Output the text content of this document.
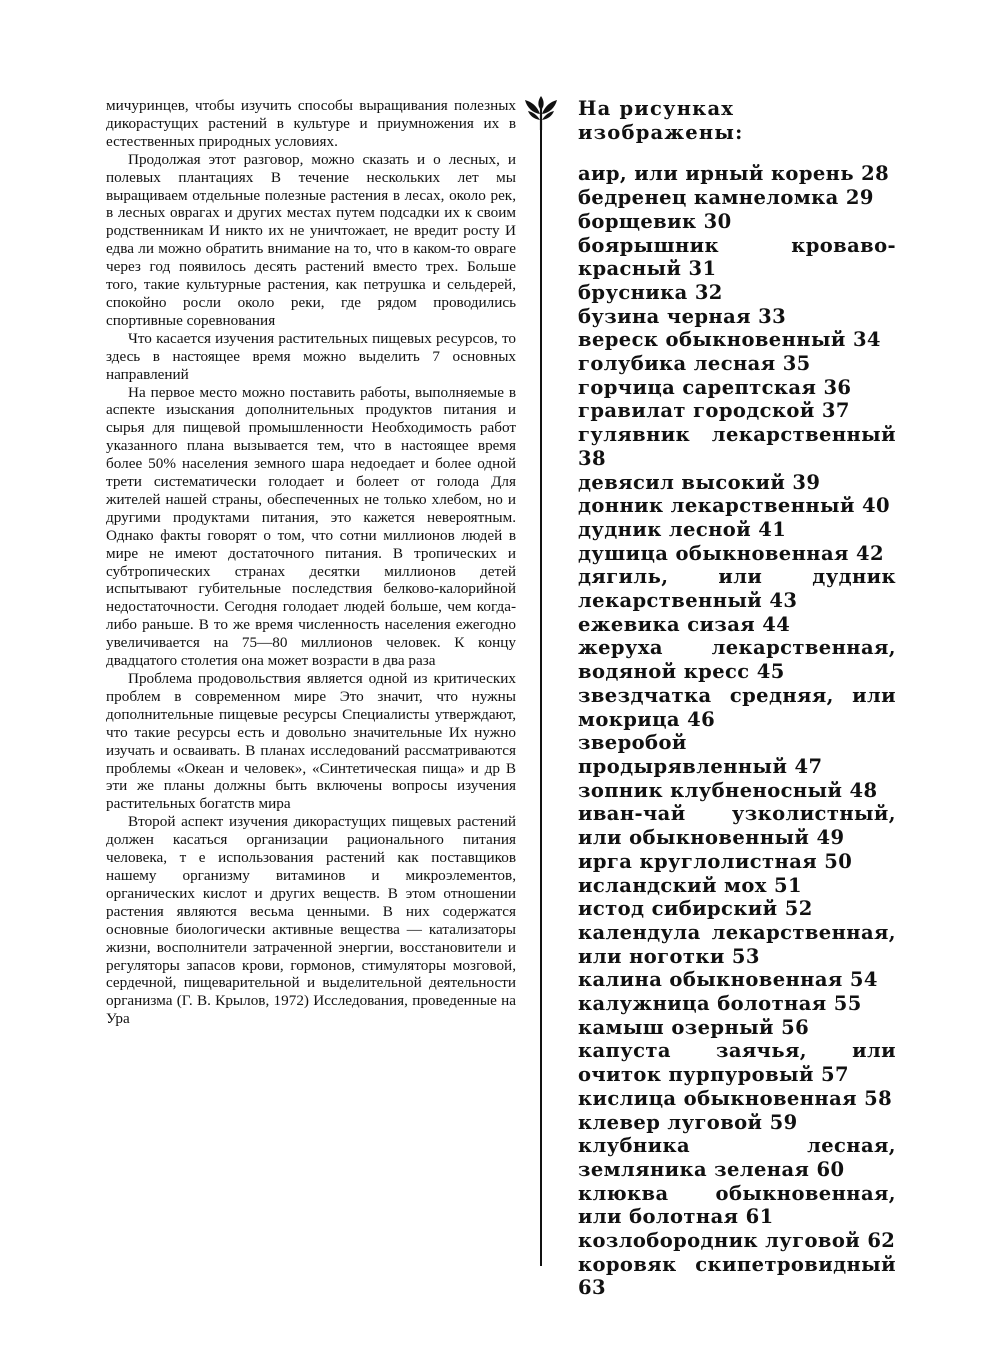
мичуринцев, чтобы изучить способы выращивания полезных дикорастущих растений в культуре и приумножения их в естественных природных условиях.

Продолжая этот разговор, можно сказать и о лесных, и полевых плантациях В течение нескольких лет мы выращиваем отдельные полезные растения в лесах, около рек, в лесных оврагах и других местах путем подсадки их к своим родственникам И никто их не уничтожает, не вредит росту И едва ли можно обратить внимание на то, что в каком-то овраге через год появилось десять растений вместо трех. Больше того, такие культурные растения, как петрушка и сельдерей, спокойно росли около реки, где рядом проводились спортивные соревнования

Что касается изучения растительных пищевых ресурсов, то здесь в настоящее время можно выделить 7 основных направлений

На первое место можно поставить работы, выполняемые в аспекте изыскания дополнительных продуктов питания и сырья для пищевой промышленности Необходимость работ указанного плана вызывается тем, что в настоящее время более 50% населения земного шара недоедает и более одной трети систематически голодает и болеет от голода Для жителей нашей страны, обеспеченных не только хлебом, но и другими продуктами питания, это кажется невероятным. Однако факты говорят о том, что сотни миллионов людей в мире не имеют достаточного питания. В тропических и субтропических странах десятки миллионов детей испытывают губительные последствия белково-калорийной недостаточности. Сегодня голодает людей больше, чем когда-либо раньше. В то же время численность населения ежегодно увеличивается на 75—80 миллионов человек. К концу двадцатого столетия она может возрасти в два раза

Проблема продовольствия является одной из критических проблем в современном мире Это значит, что нужны дополнительные пищевые ресурсы Специалисты утверждают, что такие ресурсы есть и довольно значительные Их нужно изучать и осваивать. В планах исследований рассматриваются проблемы «Океан и человек», «Синтетическая пища» и др В эти же планы должны быть включены вопросы изучения растительных богатств мира

Второй аспект изучения дикорастущих пищевых растений должен касаться организации рационального питания человека, т е использования растений как поставщиков нашему организму витаминов и микроэлементов, органических кислот и других веществ. В этом отношении растения являются весьма ценными. В них содержатся основные биологически активные вещества — катализаторы жизни, восполнители затраченной энергии, восстановители и регуляторы запасов крови, гормонов, стимуляторы мозговой, сердечной, пищеварительной и выделительной деятельности организма (Г. В. Крылов, 1972) Исследования, проведенные на Ура

На рисунках изображены:
аир, или ирный корень 28
бедренец камнеломка 29
борщевик 30
боярышник кроваво-красный 31
брусника 32
бузина черная 33
вереск обыкновенный 34
голубика лесная 35
горчица сарептская 36
гравилат городской 37
гулявник лекарственный 38
девясил высокий 39
донник лекарственный 40
дудник лесной 41
душица обыкновенная 42
дягиль, или дудник лекарственный 43
ежевика сизая 44
жеруха лекарственная, водяной кресс 45
звездчатка средняя, или мокрица 46
зверобой продырявленный 47
зопник клубненосный 48
иван-чай узколистный, или обыкновенный 49
ирга круглолистная 50
исландский мох 51
истод сибирский 52
календула лекарственная, или ноготки 53
калина обыкновенная 54
калужница болотная 55
камыш озерный 56
капуста заячья, или очиток пурпуровый 57
кислица обыкновенная 58
клевер луговой 59
клубника лесная, земляника зеленая 60
клюква обыкновенная, или болотная 61
козлобородник луговой 62
коровяк скипетровидный 63
